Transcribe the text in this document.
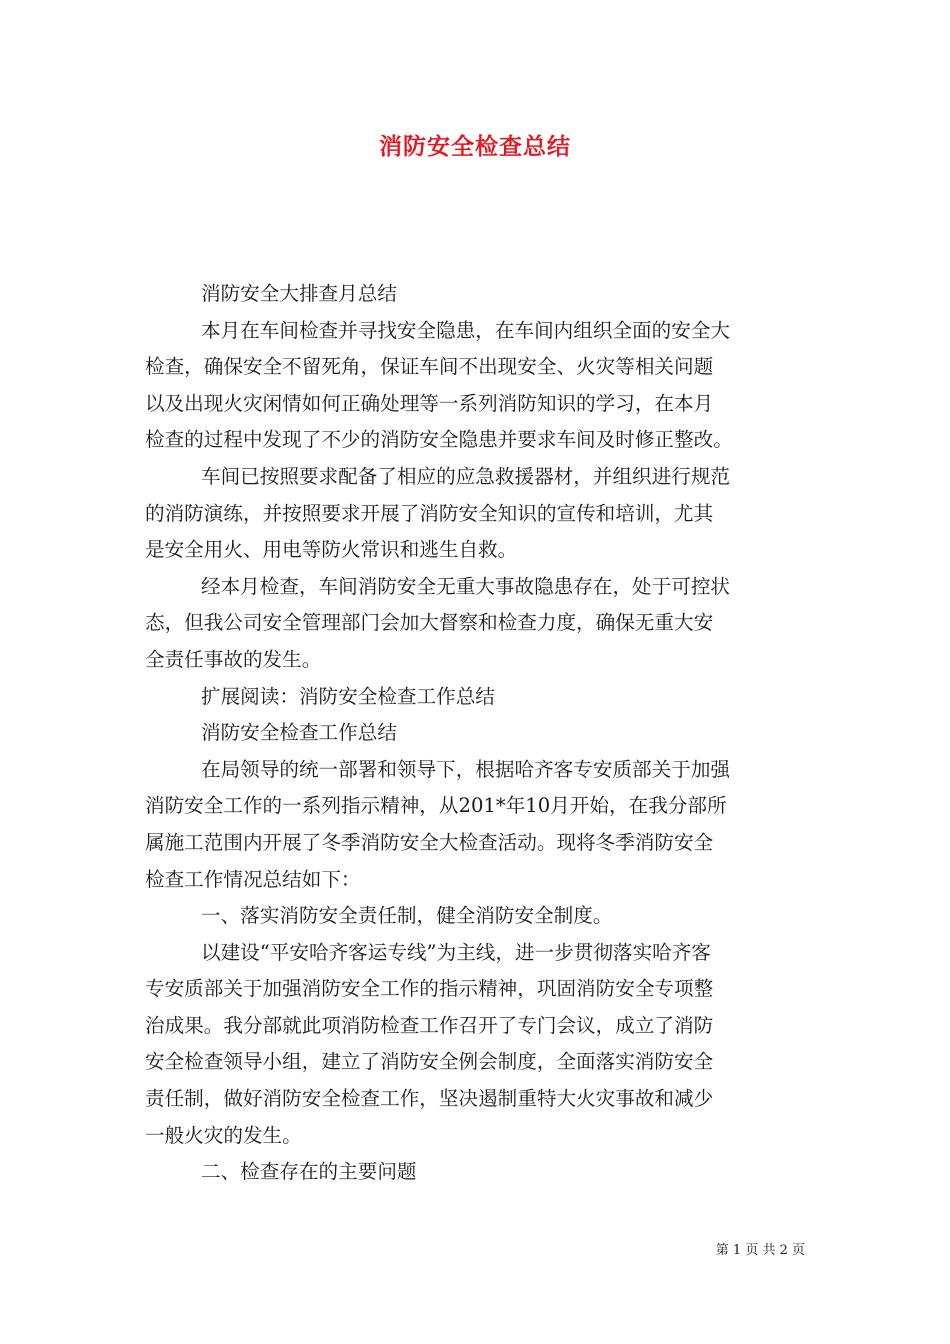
消防安全检查总结
消防安全大排查月总结
本月在车间检查并寻找安全隐患，在车间内组织全面的安全大
检查，确保安全不留死角，保证车间不出现安全、火灾等相关问题
以及出现火灾闲情如何正确处理等一系列消防知识的学习，在本月
检查的过程中发现了不少的消防安全隐患并要求车间及时修正整改。
车间已按照要求配备了相应的应急救援器材，并组织进行规范
的消防演练，并按照要求开展了消防安全知识的宣传和培训，尤其
是安全用火、用电等防火常识和逃生自救。
经本月检查，车间消防安全无重大事故隐患存在，处于可控状
态，但我公司安全管理部门会加大督察和检查力度，确保无重大安
全责任事故的发生。
扩展阅读：消防安全检查工作总结
消防安全检查工作总结
在局领导的统一部署和领导下，根据哈齐客专安质部关于加强
消防安全工作的一系列指示精神，从201*年10月开始，在我分部所
属施工范围内开展了冬季消防安全大检查活动。现将冬季消防安全
检查工作情况总结如下：
一、落实消防安全责任制，健全消防安全制度。
以建设“平安哈齐客运专线”为主线，进一步贯彻落实哈齐客
专安质部关于加强消防安全工作的指示精神，巩固消防安全专项整
治成果。我分部就此项消防检查工作召开了专门会议，成立了消防
安全检查领导小组，建立了消防安全例会制度，全面落实消防安全
责任制，做好消防安全检查工作，坚决遏制重特大火灾事故和减少
一般火灾的发生。
二、检查存在的主要问题
第 1 页 共 2 页
